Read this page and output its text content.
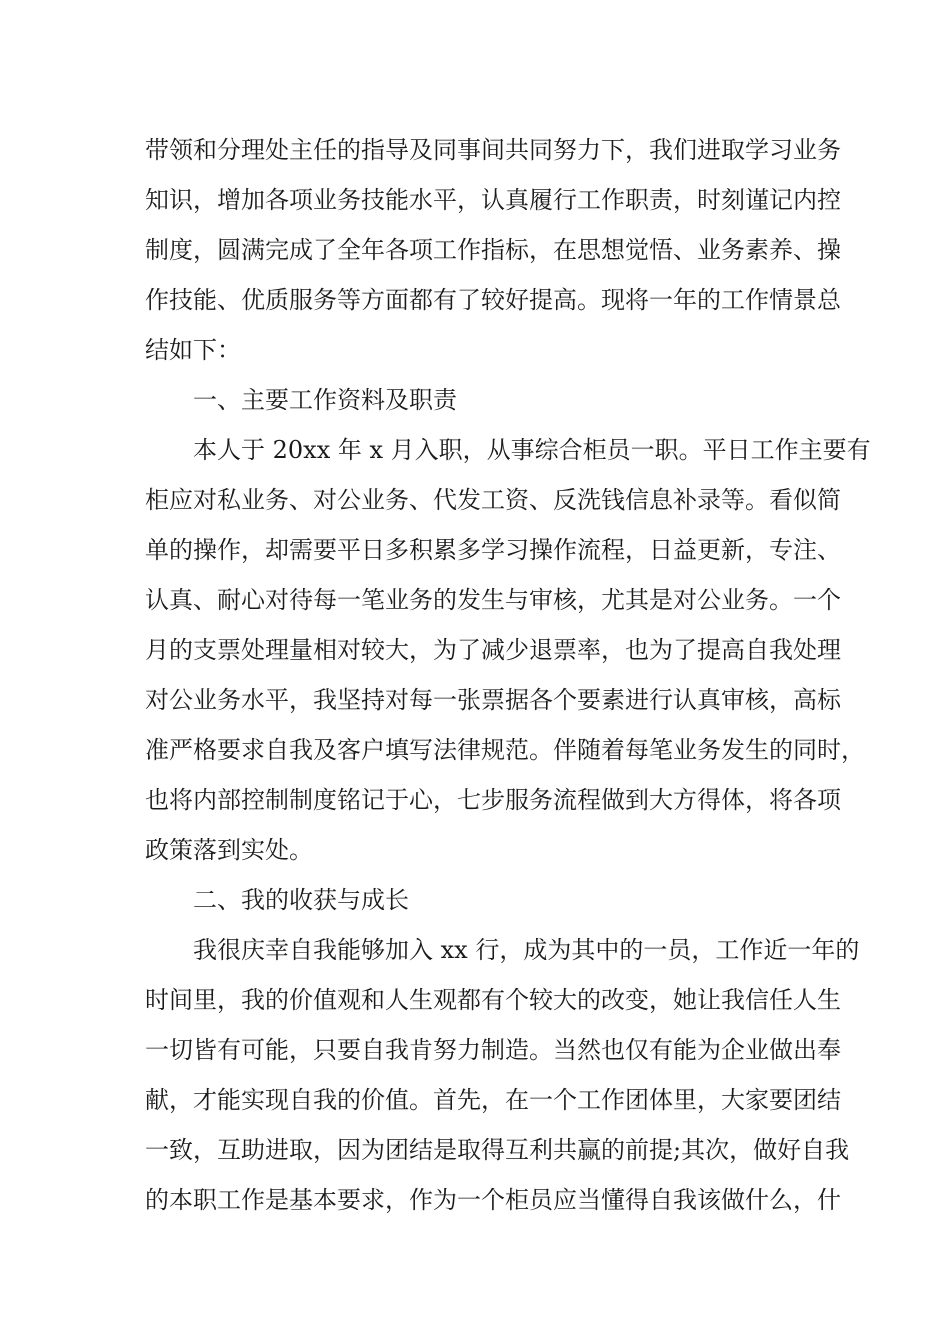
带领和分理处主任的指导及同事间共同努力下，我们进取学习业务
知识，增加各项业务技能水平，认真履行工作职责，时刻谨记内控
制度，圆满完成了全年各项工作指标，在思想觉悟、业务素养、操
作技能、优质服务等方面都有了较好提高。现将一年的工作情景总
结如下：
一、主要工作资料及职责
本人于 20xx 年 x 月入职，从事综合柜员一职。平日工作主要有
柜应对私业务、对公业务、代发工资、反洗钱信息补录等。看似简
单的操作，却需要平日多积累多学习操作流程，日益更新，专注、
认真、耐心对待每一笔业务的发生与审核，尤其是对公业务。一个
月的支票处理量相对较大，为了减少退票率，也为了提高自我处理
对公业务水平，我坚持对每一张票据各个要素进行认真审核，高标
准严格要求自我及客户填写法律规范。伴随着每笔业务发生的同时，
也将内部控制制度铭记于心，七步服务流程做到大方得体，将各项
政策落到实处。
二、我的收获与成长
我很庆幸自我能够加入 xx 行，成为其中的一员，工作近一年的
时间里，我的价值观和人生观都有个较大的改变，她让我信任人生
一切皆有可能，只要自我肯努力制造。当然也仅有能为企业做出奉
献，才能实现自我的价值。首先，在一个工作团体里，大家要团结
一致，互助进取，因为团结是取得互利共赢的前提;其次，做好自我
的本职工作是基本要求，作为一个柜员应当懂得自我该做什么，什
